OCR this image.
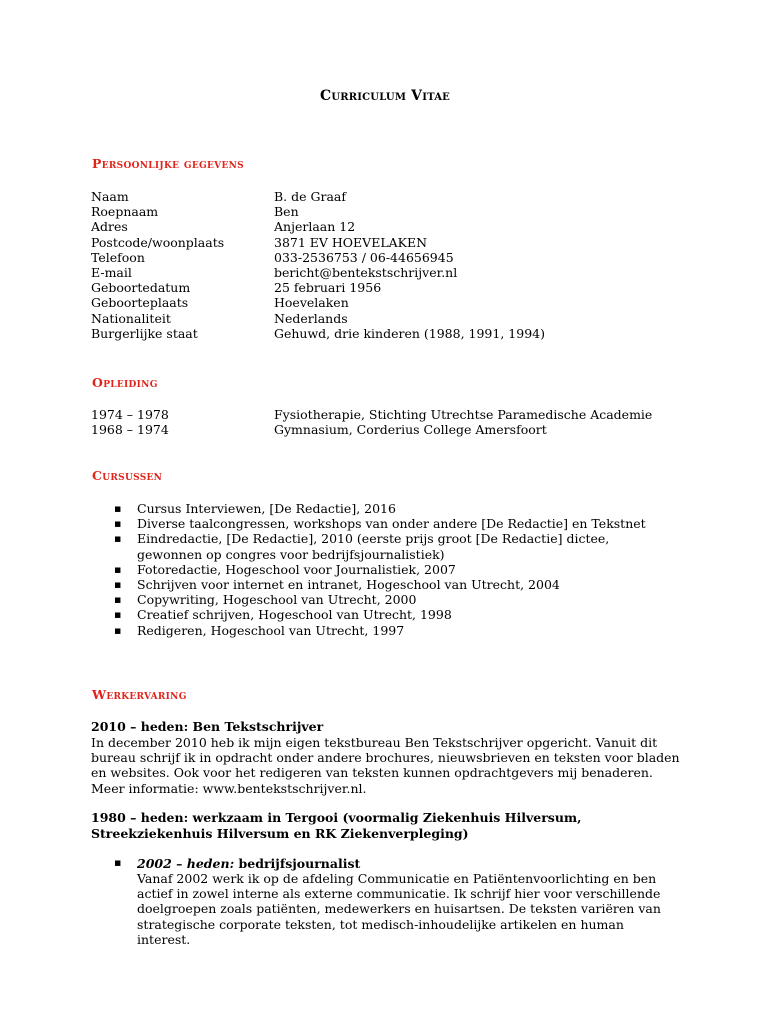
Curriculum Vitae
Persoonlijke gegevens
Naam	B. de Graaf
Roepnaam	Ben
Adres	Anjerlaan 12
Postcode/woonplaats	3871 EV HOEVELAKEN
Telefoon	033-2536753 / 06-44656945
E-mail	bericht@bentekstschrijver.nl
Geboortedatum	25 februari 1956
Geboorteplaats	Hoevelaken
Nationaliteit	Nederlands
Burgerlijke staat	Gehuwd, drie kinderen (1988, 1991, 1994)
Opleiding
1974 – 1978	Fysiotherapie, Stichting Utrechtse Paramedische Academie
1968 – 1974	Gymnasium, Corderius College Amersfoort
Cursussen
▪ Cursus Interviewen, [De Redactie], 2016
▪ Diverse taalcongressen, workshops van onder andere [De Redactie] en Tekstnet
▪ Eindredactie, [De Redactie], 2010 (eerste prijs groot [De Redactie] dictee, gewonnen op congres voor bedrijfsjournalistiek)
▪ Fotoredactie, Hogeschool voor Journalistiek, 2007
▪ Schrijven voor internet en intranet, Hogeschool van Utrecht, 2004
▪ Copywriting, Hogeschool van Utrecht, 2000
▪ Creatief schrijven, Hogeschool van Utrecht, 1998
▪ Redigeren, Hogeschool van Utrecht, 1997
Werkervaring
2010 – heden: Ben Tekstschrijver
In december 2010 heb ik mijn eigen tekstbureau Ben Tekstschrijver opgericht. Vanuit dit bureau schrijf ik in opdracht onder andere brochures, nieuwsbrieven en teksten voor bladen en websites. Ook voor het redigeren van teksten kunnen opdrachtgevers mij benaderen. Meer informatie: www.bentekstschrijver.nl.
1980 – heden: werkzaam in Tergooi (voormalig Ziekenhuis Hilversum, Streekziekenhuis Hilversum en RK Ziekenverpleging)
▪ 2002 – heden: bedrijfsjournalist
Vanaf 2002 werk ik op de afdeling Communicatie en Patiëntenvoorlichting en ben actief in zowel interne als externe communicatie. Ik schrijf hier voor verschillende doelgroepen zoals patiënten, medewerkers en huisartsen. De teksten variëren van strategische corporate teksten, tot medisch-inhoudelijke artikelen en human interest.
